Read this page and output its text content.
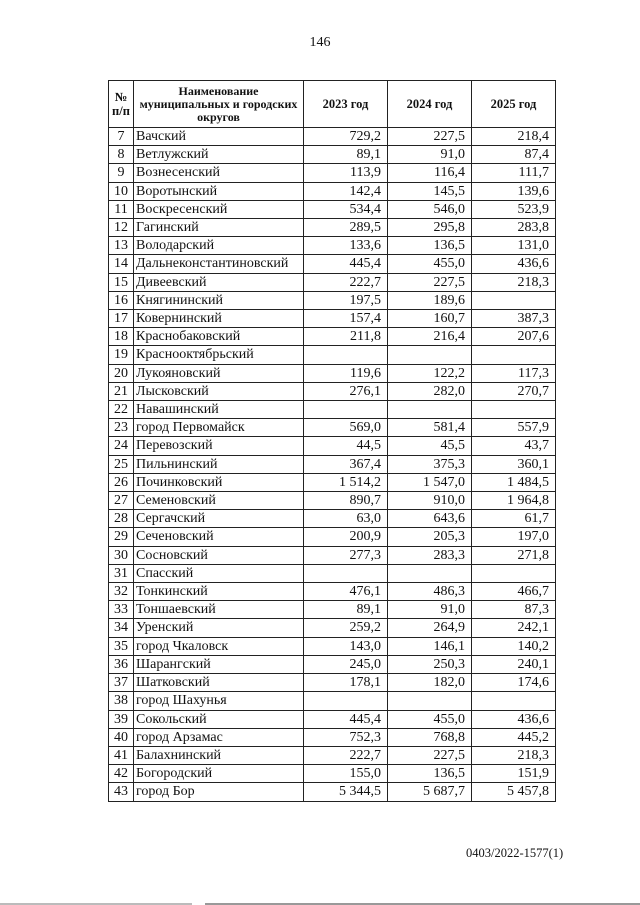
146
№
п/п	Наименование муниципальных и городских округов	2023 год	2024 год	2025 год
7	Вачский	729,2	227,5	218,4
8	Ветлужский	89,1	91,0	87,4
9	Вознесенский	113,9	116,4	111,7
10	Воротынский	142,4	145,5	139,6
11	Воскресенский	534,4	546,0	523,9
12	Гагинский	289,5	295,8	283,8
13	Володарский	133,6	136,5	131,0
14	Дальнеконстантиновский	445,4	455,0	436,6
15	Дивеевский	222,7	227,5	218,3
16	Княгининский	197,5	189,6	
17	Ковернинский	157,4	160,7	387,3
18	Краснобаковский	211,8	216,4	207,6
19	Краснооктябрьский			
20	Лукояновский	119,6	122,2	117,3
21	Лысковский	276,1	282,0	270,7
22	Навашинский			
23	город Первомайск	569,0	581,4	557,9
24	Перевозский	44,5	45,5	43,7
25	Пильнинский	367,4	375,3	360,1
26	Починковский	1 514,2	1 547,0	1 484,5
27	Семеновский	890,7	910,0	1 964,8
28	Сергачский	63,0	643,6	61,7
29	Сеченовский	200,9	205,3	197,0
30	Сосновский	277,3	283,3	271,8
31	Спасский			
32	Тонкинский	476,1	486,3	466,7
33	Тоншаевский	89,1	91,0	87,3
34	Уренский	259,2	264,9	242,1
35	город Чкаловск	143,0	146,1	140,2
36	Шарангский	245,0	250,3	240,1
37	Шатковский	178,1	182,0	174,6
38	город Шахунья			
39	Сокольский	445,4	455,0	436,6
40	город Арзамас	752,3	768,8	445,2
41	Балахнинский	222,7	227,5	218,3
42	Богородский	155,0	136,5	151,9
43	город Бор	5 344,5	5 687,7	5 457,8
0403/2022-1577(1)
